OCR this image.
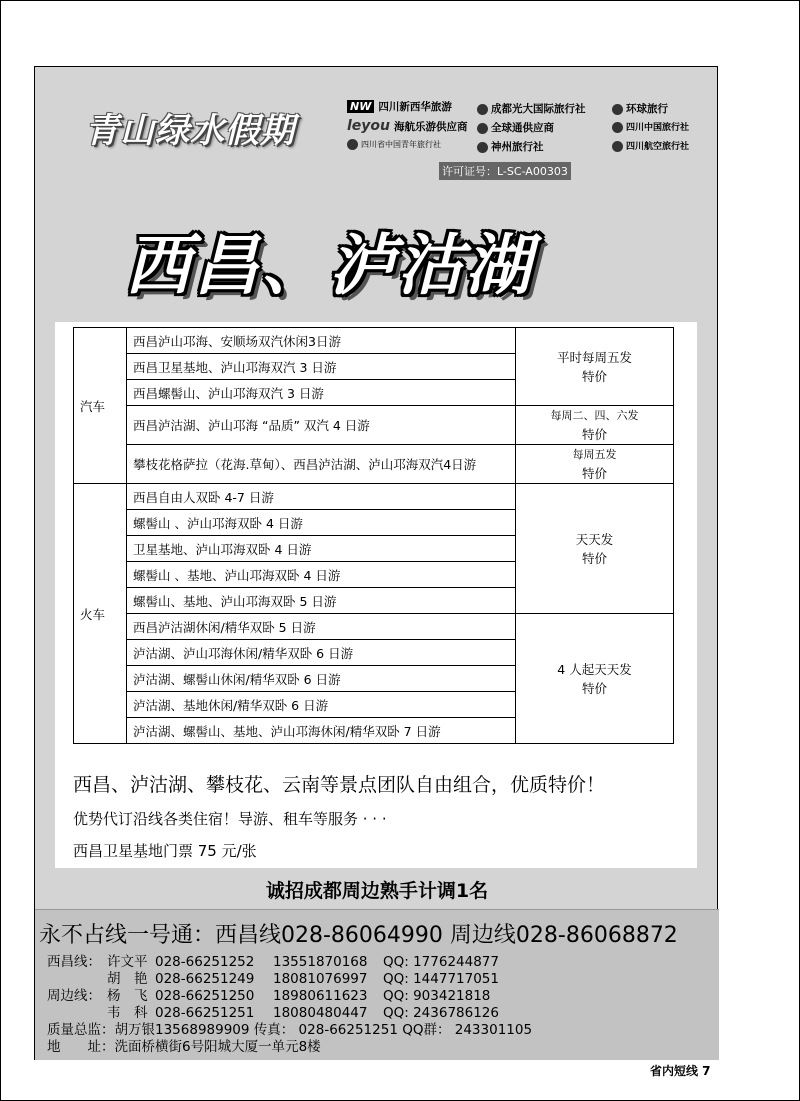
青山绿水假期
NW 四川新西华旅游	成都光大国际旅行社	环球旅行
leyou 海航乐游供应商	全球通供应商	四川中国旅行社
四川省中国青年旅行社	神州旅行社	四川航空旅行社
许可证号：L-SC-A00303
西昌、泸沽湖
汽车	西昌泸山邛海、安顺场双汽休闲3日游	平时每周五发
特价

	西昌卫星基地、泸山邛海双汽 3 日游	
	西昌螺髻山、泸山邛海双汽 3 日游	
	西昌泸沽湖、泸山邛海 “品质” 双汽 4 日游	每周二、四、六发
特价

	攀枝花格萨拉（花海.草甸）、西昌泸沽湖、泸山邛海双汽4日游	每周五发
特价

火车	西昌自由人双卧 4-7 日游	天天发
特价

	螺髻山 、泸山邛海双卧 4 日游	
	卫星基地、泸山邛海双卧 4 日游	
	螺髻山 、基地、泸山邛海双卧 4 日游	
	螺髻山、基地、泸山邛海双卧 5 日游	
	西昌泸沽湖休闲/精华双卧 5 日游	4 人起天天发
特价

	泸沽湖、泸山邛海休闲/精华双卧 6 日游	
	泸沽湖、螺髻山休闲/精华双卧 6 日游	
	泸沽湖、基地休闲/精华双卧 6 日游	
	泸沽湖、螺髻山、基地、泸山邛海休闲/精华双卧 7 日游	
西昌、泸沽湖、攀枝花、云南等景点团队自由组合，优质特价！
优势代订沿线各类住宿！导游、租车等服务 · · ·
西昌卫星基地门票 75 元/张
诚招成都周边熟手计调1名
永不占线一号通：西昌线028-86064990 周边线028-86068872
西昌线： 许文平 028-66251252 13551870168 QQ: 1776244877
胡　艳 028-66251249 18081076997 QQ: 1447717051
周边线： 杨　飞 028-66251250 18980611623 QQ: 903421818
韦　科 028-66251251 18080480447 QQ: 2436786126
质量总监：胡万银13568989909 传真： 028-66251251 QQ群： 243301105
地　　址：洗面桥横街6号阳城大厦一单元8楼
省内短线 7
